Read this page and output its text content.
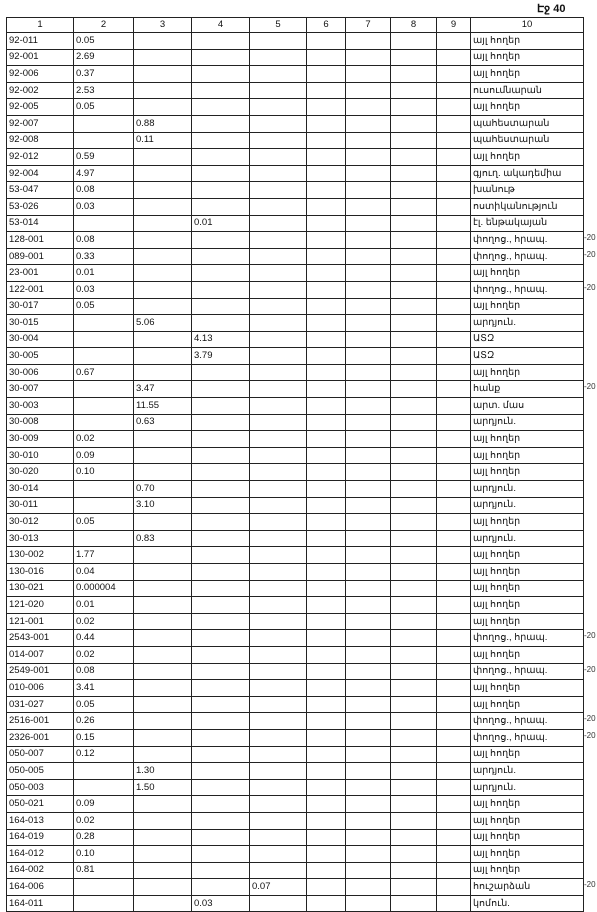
Էջ 40
1	2	3	4	5	6	7	8	9	10
92-011	0.05								այլ հողեր
92-001	2.69								այլ հողեր
92-006	0.37								այլ հողեր
92-002	2.53								ուսումնարան
92-005	0.05								այլ հողեր
92-007		0.88							պահեստարան
92-008		0.11							պահեստարան
92-012	0.59								այլ հողեր
92-004	4.97								գյուղ. ակադեմիա
53-047	0.08								խանութ
53-026	0.03								ոստիկանություն
53-014			0.01						էլ. ենթակայան
128-001	0.08								փողոց., հրապ.
089-001	0.33								փողոց., հրապ.
23-001	0.01								այլ հողեր
122-001	0.03								փողոց., հրապ.
30-017	0.05								այլ հողեր
30-015		5.06							արդյուն.
30-004			4.13						ԱՏԶ
30-005			3.79						ԱՏԶ
30-006	0.67								այլ հողեր
30-007		3.47							հանք
30-003		11.55							արտ. մաս
30-008		0.63							արդյուն.
30-009	0.02								այլ հողեր
30-010	0.09								այլ հողեր
30-020	0.10								այլ հողեր
30-014		0.70							արդյուն.
30-011		3.10							արդյուն.
30-012	0.05								այլ հողեր
30-013		0.83							արդյուն.
130-002	1.77								այլ հողեր
130-016	0.04								այլ հողեր
130-021	0.000004								այլ հողեր
121-020	0.01								այլ հողեր
121-001	0.02								այլ հողեր
2543-001	0.44								փողոց., հրապ.
014-007	0.02								այլ հողեր
2549-001	0.08								փողոց., հրապ.
010-006	3.41								այլ հողեր
031-027	0.05								այլ հողեր
2516-001	0.26								փողոց., հրապ.
2326-001	0.15								փողոց., հրապ.
050-007	0.12								այլ հողեր
050-005		1.30							արդյուն.
050-003		1.50							արդյուն.
050-021	0.09								այլ հողեր
164-013	0.02								այլ հողեր
164-019	0.28								այլ հողեր
164-012	0.10								այլ հողեր
164-002	0.81								այլ հողեր
164-006				0.07					հուշարձան
164-011			0.03						կոմուն.
-20
-20
-20
-20
-20
-20
-20
-20
-20
